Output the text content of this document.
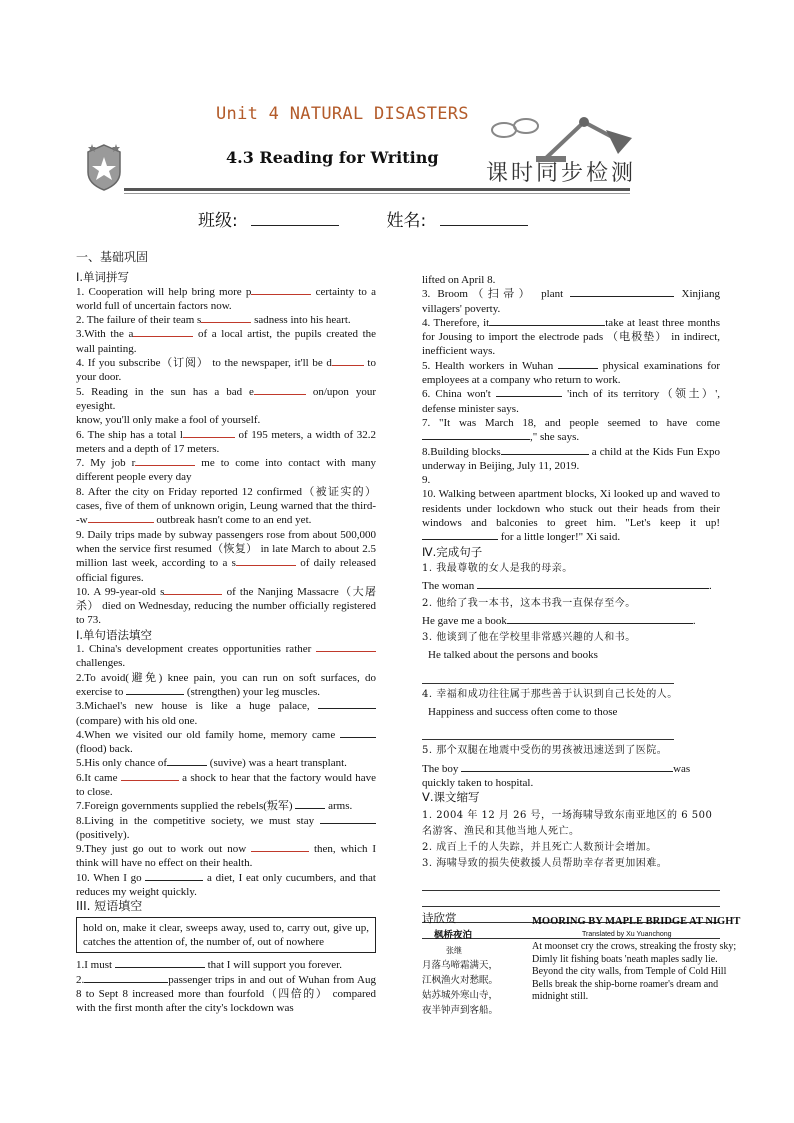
Unit 4 NATURAL DISASTERS
4.3 Reading for Writing
课时同步检测
班级:	姓名:

一、基础巩固

Ⅰ.单词拼写

1. Cooperation will help bring more p	certainty to a world full of uncertain factors now.

2. The failure of their team s	sadness into his heart.

3.With the a	of a local artist, the pupils created the wall painting.

4. If you subscribe（订阅） to the newspaper, it'll be d	to your door.

5. Reading in the sun has a bad e	on/upon your eyesight.

know, you'll only make a fool of yourself.

6. The ship has a total l	of 195 meters, a width of 32.2 meters and a depth of 17 meters.

7. My job r	me to come into contact with many different people every day

8. After the city on Friday reported 12 confirmed（被证实的） cases, five of them of unknown origin, Leung warned that the third--w	outbreak hasn't come to an end yet.

9. Daily trips made by subway passengers rose from about 500,000 when the service first resumed（恢复） in late March to about 2.5 million last week, according to a s	of daily released official figures.

10. A 99-year-old s	of the Nanjing Massacre（大屠杀） died on Wednesday, reducing the number officially registered to 73.

Ⅰ.单句语法填空

1. China's development creates opportunities rather  challenges.

2.To avoid(避免) knee pain, you can run on soft surfaces, do exercise to	(strengthen) your leg muscles.

3.Michael's new house is like a huge palace,  (compare) with his old one.

4.When we visited our old family home, memory came  (flood) back.

5.His only chance of	(suvive) was a heart transplant.

6.It came	a shock to hear that the factory would have to close.

7.Foreign governments supplied the rebels(叛军)	arms.

8.Living in the competitive society, we must stay  (positively).

9.They just go out to work out now	then, which I think will have no effect on their health.

10. When I go	a diet, I eat only cucumbers, and that reduces my weight quickly.

ⅠⅠⅠ. 短语填空

hold on, make it clear, sweeps away, used to, carry out, give up, catches the attention of, the number of, out of nowhere

1.I must	that I will support you forever.

2.	passenger trips in and out of Wuhan from Aug 8 to Sept 8 increased more than fourfold（四倍的） compared with the first month after the city's lockdown was

lifted on April 8.

3. Broom（扫帚） plant	Xinjiang villagers' poverty.

4. Therefore, it	take at least three months for Jousing to import the electrode pads （电极垫） in indirect, inefficient ways.

5. Health workers in Wuhan	physical examinations for employees at a company who return to work.

6. China won't	'inch of its territory（领土）', defense minister says.

7. "It was March 18, and people seemed to have come ," she says.

8.Building blocks	a child at the Kids Fun Expo underway in Beijing, July 11, 2019.

9.

10. Walking between apartment blocks, Xi looked up and waved to residents under lockdown who stuck out their heads from their windows and balconies to greet him. "Let's keep it up!  for a little longer!" Xi said.

Ⅳ.完成句子

1. 我最尊敬的女人是我的母亲。

The woman	.

2. 他给了我一本书，这本书我一直保存至今。

He gave me a book	.

3. 他谈到了他在学校里非常感兴趣的人和书。

He talked about the persons and books

4. 幸福和成功往往属于那些善于认识到自己长处的人。

Happiness and success often come to those

5. 那个双腿在地震中受伤的男孩被迅速送到了医院。

The boy	was

quickly taken to hospital.

Ⅴ.课文缩写

1. 2004 年 12 月 26 号，一场海啸导致东南亚地区的 6 500 名游客、渔民和其他当地人死亡。

2. 成百上千的人失踪，并且死亡人数预计会增加。

3. 海啸导致的损失使救援人员帮助幸存者更加困难。

诗欣赏

枫桥夜泊
张继
月落乌啼霜满天，
江枫渔火对愁眠。
姑苏城外寒山寺，
夜半钟声到客船。
MOORING BY MAPLE BRIDGE AT NIGHT
Translated by Xu Yuanchong
At moonset cry the crows, streaking the frosty sky;
Dimly lit fishing boats 'neath maples sadly lie.
Beyond the city walls, from Temple of Cold Hill
Bells break the ship-borne roamer's dream and midnight still.
